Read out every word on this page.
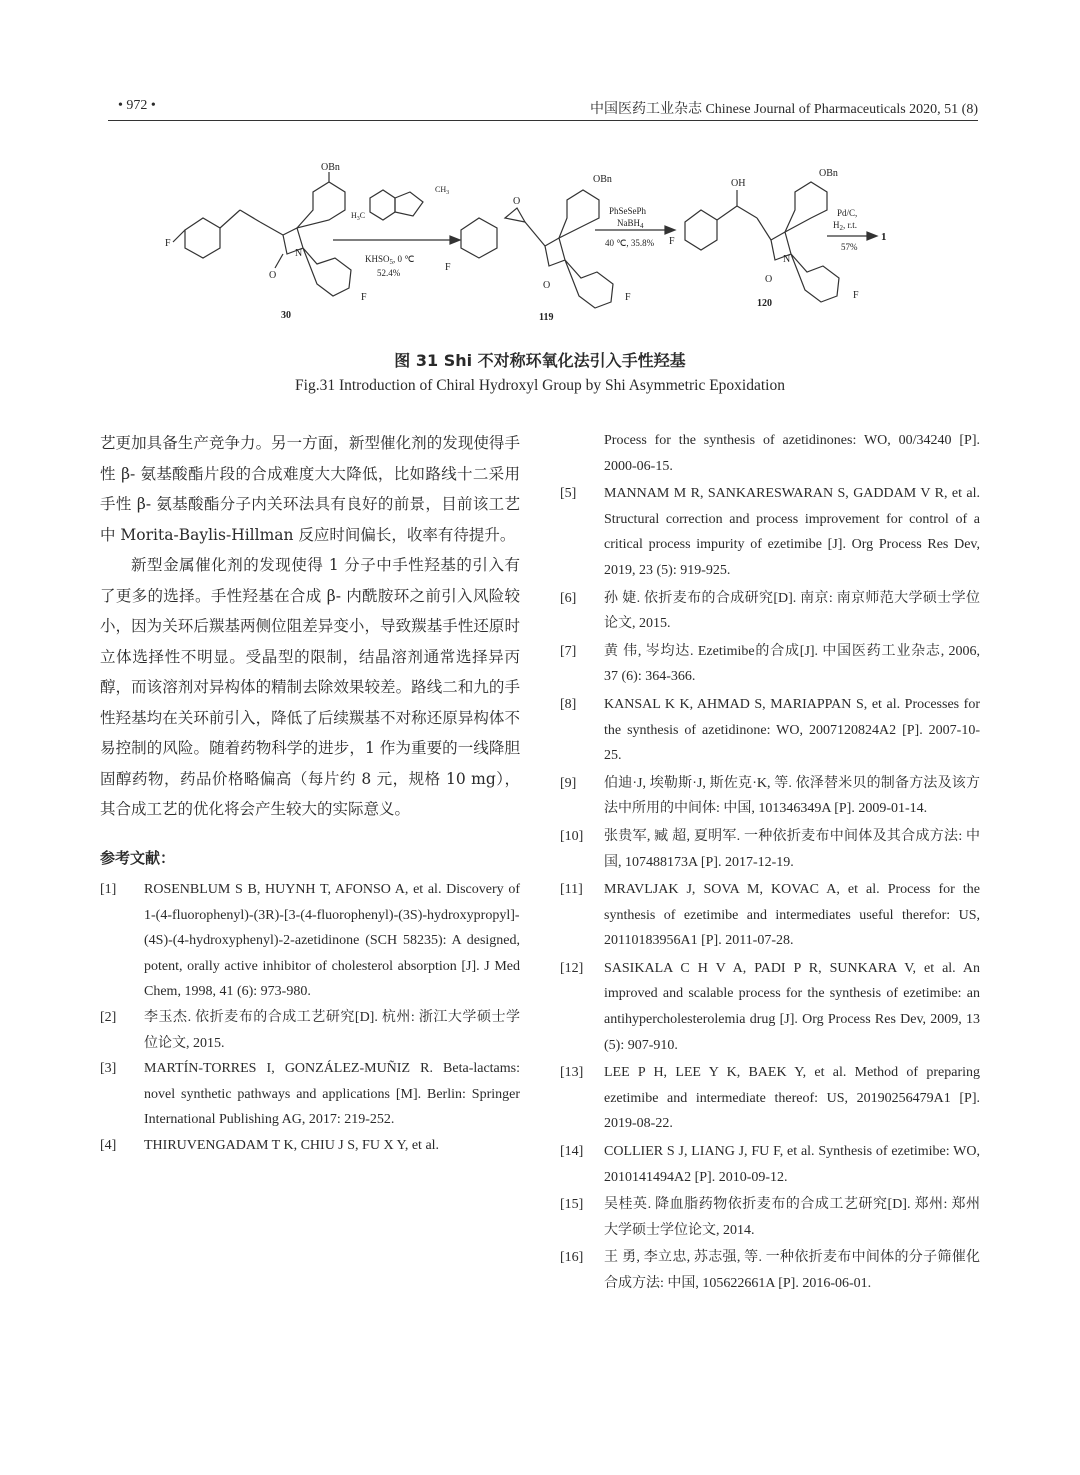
• 972 •	中国医药工业杂志 Chinese Journal of Pharmaceuticals 2020, 51 (8)
OBn
F
F
N
O
30
$CH_3$
$H_3C$
$KHSO_5$, 0 ℃
52.4%
OBn
F
F
O
O
119
PhSeSePh
NaBH$_4$
40 ℃, 35.8%
OH
OBn
F
F
N
O
120
Pd/C,
$H_2$, r.t.
57%
1
图 31 Shi 不对称环氧化法引入手性羟基
Fig.31 Introduction of Chiral Hydroxyl Group by Shi Asymmetric Epoxidation

艺更加具备生产竞争力。另一方面，新型催化剂的发现使得手性 β- 氨基酸酯片段的合成难度大大降低，比如路线十二采用手性 β- 氨基酸酯分子内关环法具有良好的前景，目前该工艺中 Morita-Baylis-Hillman 反应时间偏长，收率有待提升。

新型金属催化剂的发现使得 1 分子中手性羟基的引入有了更多的选择。手性羟基在合成 β- 内酰胺环之前引入风险较小，因为关环后羰基两侧位阻差异变小，导致羰基手性还原时立体选择性不明显。受晶型的限制，结晶溶剂通常选择异丙醇，而该溶剂对异构体的精制去除效果较差。路线二和九的手性羟基均在关环前引入，降低了后续羰基不对称还原异构体不易控制的风险。随着药物科学的进步，1 作为重要的一线降胆固醇药物，药品价格略偏高（每片约 8 元，规格 10 mg），其合成工艺的优化将会产生较大的实际意义。

参考文献：
[1] ROSENBLUM S B, HUYNH T, AFONSO A, et al. Discovery of 1-(4-fluorophenyl)-(3R)-[3-(4-fluorophenyl)-(3S)-hydroxypropyl]-(4S)-(4-hydroxyphenyl)-2-azetidinone (SCH 58235): A designed, potent, orally active inhibitor of cholesterol absorption [J]. J Med Chem, 1998, 41 (6): 973-980.
[2] 李玉杰. 依折麦布的合成工艺研究[D]. 杭州: 浙江大学硕士学位论文, 2015.
[3] MARTÍN-TORRES I, GONZÁLEZ-MUÑIZ R. Beta-lactams: novel synthetic pathways and applications [M]. Berlin: Springer International Publishing AG, 2017: 219-252.
[4] THIRUVENGADAM T K, CHIU J S, FU X Y, et al.
Process for the synthesis of azetidinones: WO, 00/34240 [P]. 2000-06-15.
[5] MANNAM M R, SANKARESWARAN S, GADDAM V R, et al. Structural correction and process improvement for control of a critical process impurity of ezetimibe [J]. Org Process Res Dev, 2019, 23 (5): 919-925.
[6] 孙 婕. 依折麦布的合成研究[D]. 南京: 南京师范大学硕士学位论文, 2015.
[7] 黄 伟, 岑均达. Ezetimibe的合成[J]. 中国医药工业杂志, 2006, 37 (6): 364-366.
[8] KANSAL K K, AHMAD S, MARIAPPAN S, et al. Processes for the synthesis of azetidinone: WO, 2007120824A2 [P]. 2007-10-25.
[9] 伯迪·J, 埃勒斯·J, 斯佐克·K, 等. 依泽替米贝的制备方法及该方法中所用的中间体: 中国, 101346349A [P]. 2009-01-14.
[10] 张贵军, 臧 超, 夏明军. 一种依折麦布中间体及其合成方法: 中国, 107488173A [P]. 2017-12-19.
[11] MRAVLJAK J, SOVA M, KOVAC A, et al. Process for the synthesis of ezetimibe and intermediates useful therefor: US, 20110183956A1 [P]. 2011-07-28.
[12] SASIKALA C H V A, PADI P R, SUNKARA V, et al. An improved and scalable process for the synthesis of ezetimibe: an antihypercholesterolemia drug [J]. Org Process Res Dev, 2009, 13 (5): 907-910.
[13] LEE P H, LEE Y K, BAEK Y, et al. Method of preparing ezetimibe and intermediate thereof: US, 20190256479A1 [P]. 2019-08-22.
[14] COLLIER S J, LIANG J, FU F, et al. Synthesis of ezetimibe: WO, 2010141494A2 [P]. 2010-09-12.
[15] 吴桂英. 降血脂药物依折麦布的合成工艺研究[D]. 郑州: 郑州大学硕士学位论文, 2014.
[16] 王 勇, 李立忠, 苏志强, 等. 一种依折麦布中间体的分子筛催化合成方法: 中国, 105622661A [P]. 2016-06-01.
